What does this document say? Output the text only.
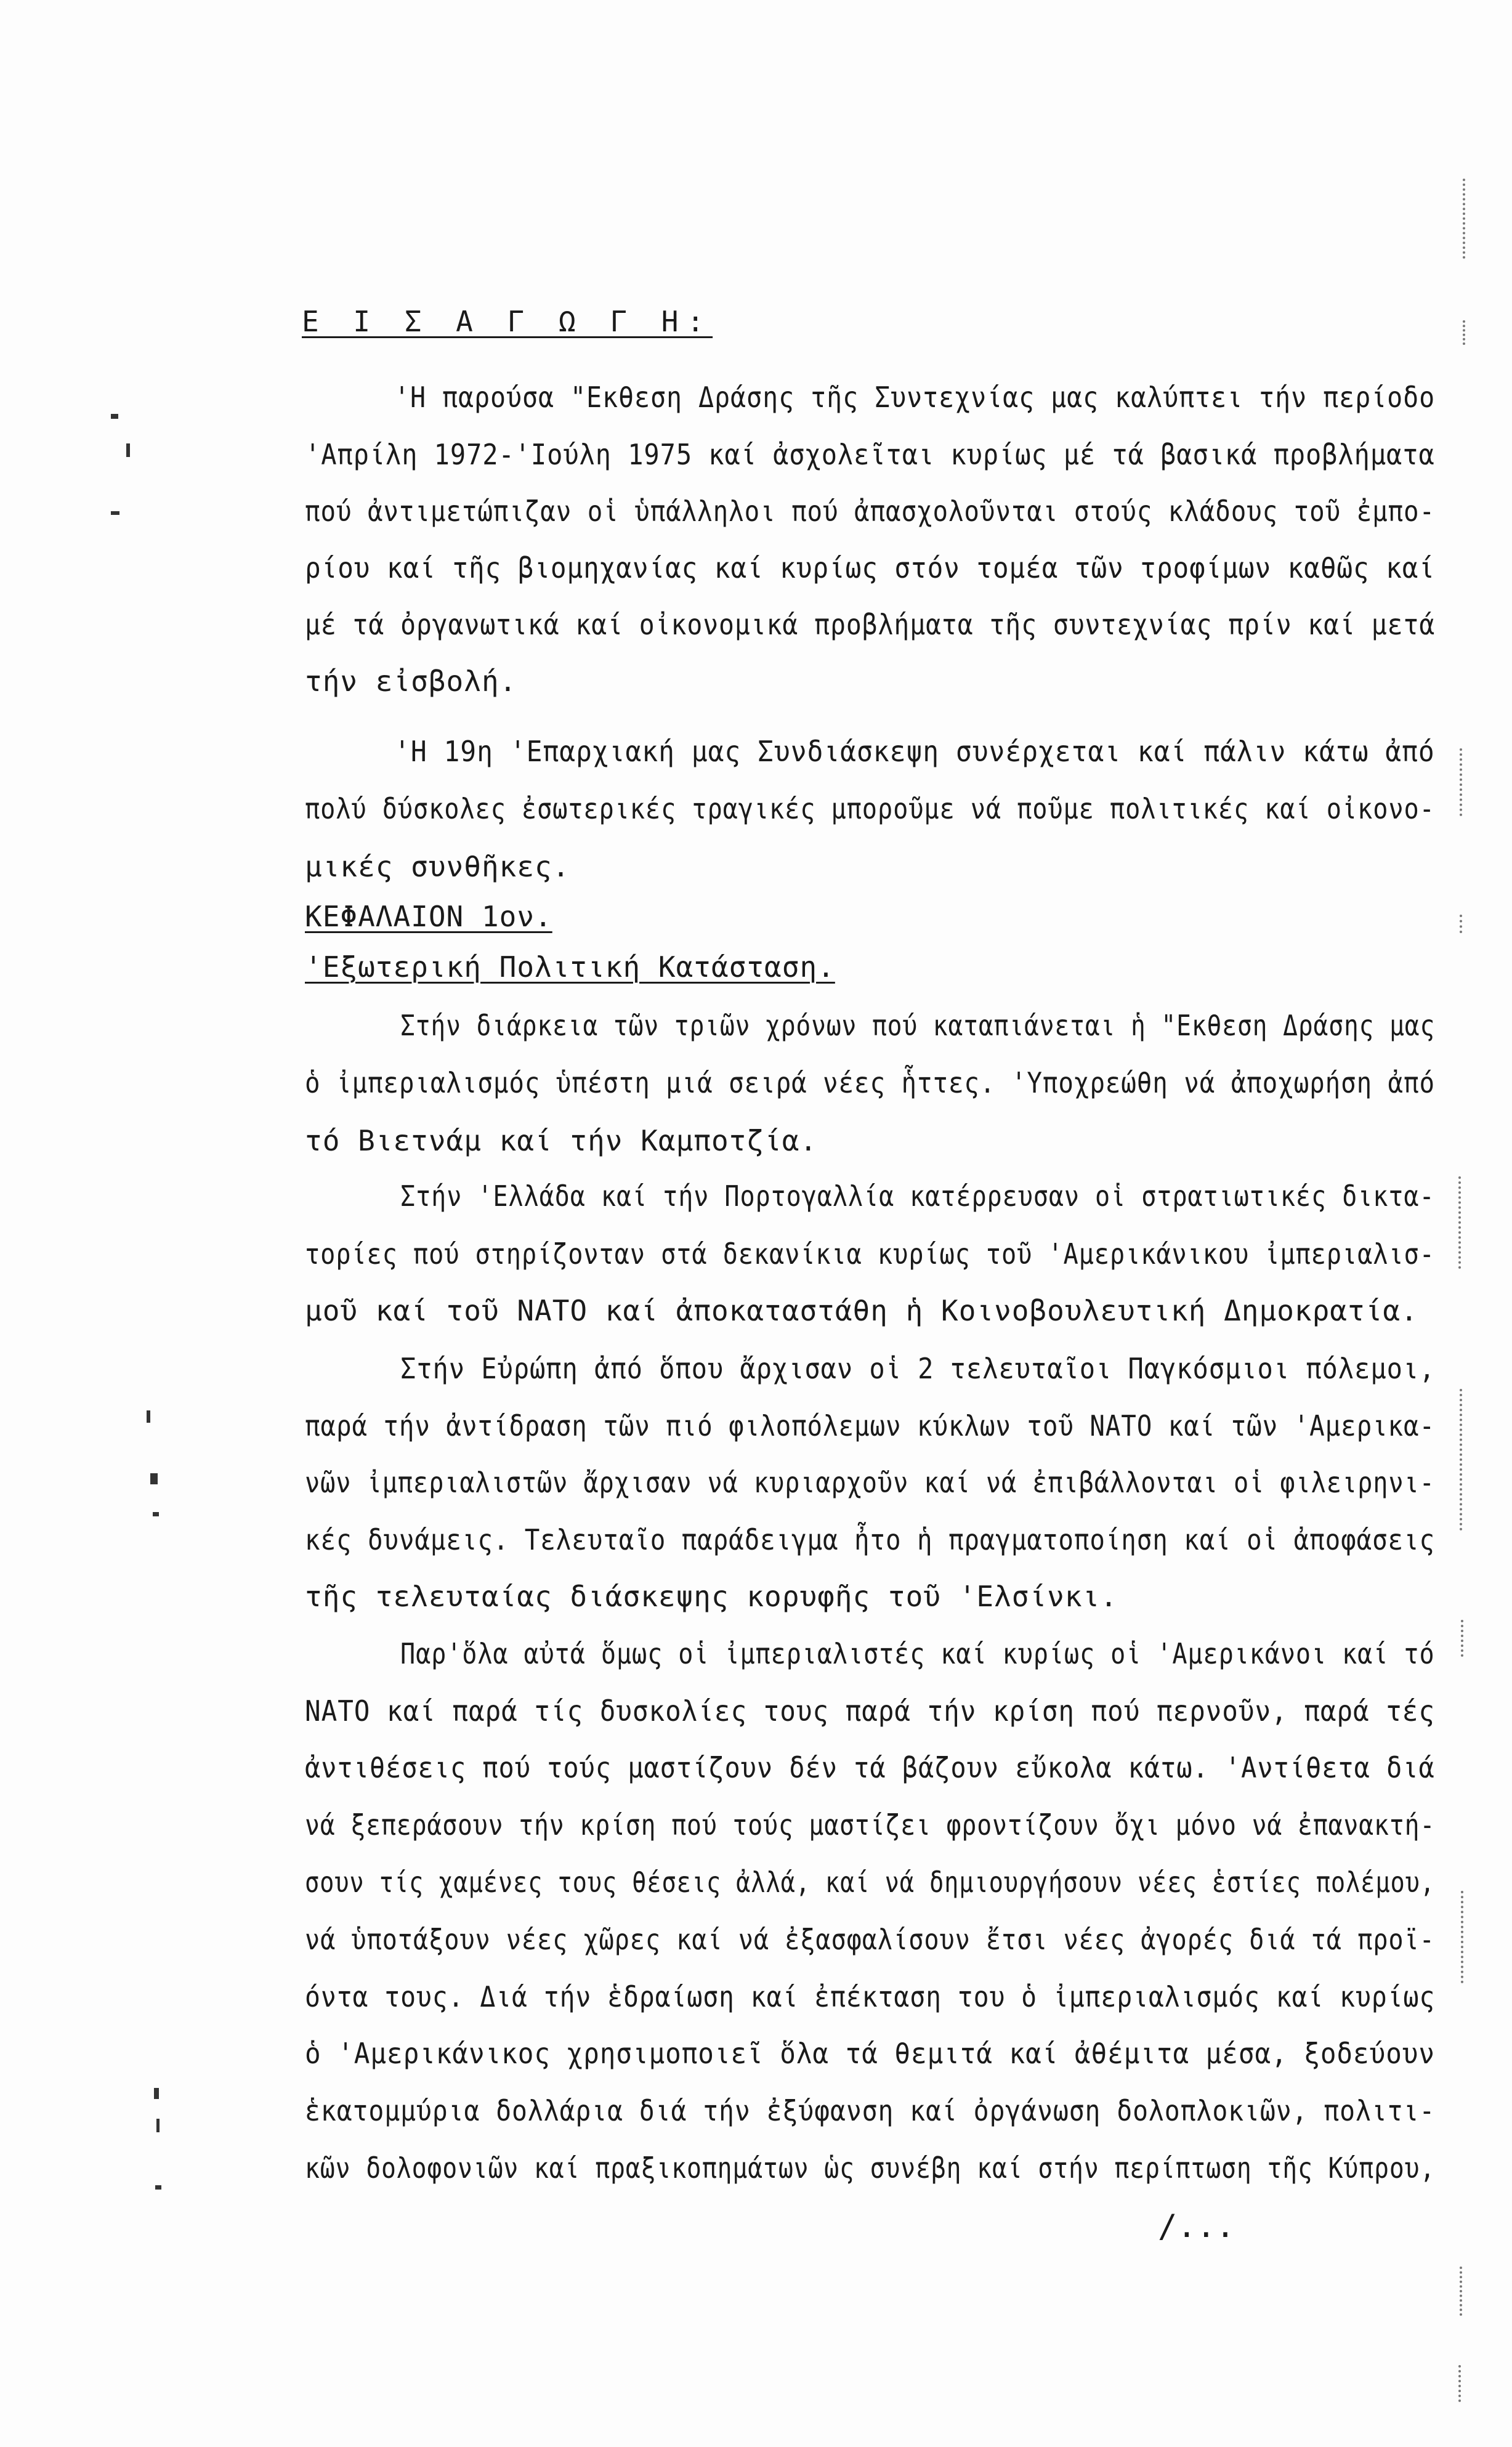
Ε Ι Σ Α Γ Ω Γ Η:
'Η παρούσα "Εκθεση Δράσης τῆς Συντεχνίας μας καλύπτει τήν περίοδο
'Απρίλη 1972-'Ιούλη 1975 καί ἀσχολεῖται κυρίως μέ τά βασικά προβλήματα
πού ἀντιμετώπιζαν οἱ ὑπάλληλοι πού ἀπασχολοῦνται στούς κλάδους τοῦ ἐμπο-
ρίου καί τῆς βιομηχανίας καί κυρίως στόν τομέα τῶν τροφίμων καθῶς καί
μέ τά ὀργανωτικά καί οἰκονομικά προβλήματα τῆς συντεχνίας πρίν καί μετά
τήν εἰσβολή.
'Η 19η 'Επαρχιακή μας Συνδιάσκεψη συνέρχεται καί πάλιν κάτω ἀπό
πολύ δύσκολες ἐσωτερικές τραγικές μποροῦμε νά ποῦμε πολιτικές καί οἰκονο-
μικές συνθῆκες.
ΚΕΦΑΛΑΙΟΝ 1ον.
'Εξωτερική Πολιτική Κατάσταση.
Στήν διάρκεια τῶν τριῶν χρόνων πού καταπιάνεται ἡ "Εκθεση Δράσης μας
ὁ ἰμπεριαλισμός ὑπέστη μιά σειρά νέες ἧττες. 'Υποχρεώθη νά ἀποχωρήση ἀπό
τό Βιετνάμ καί τήν Καμποτζία.
Στήν 'Ελλάδα καί τήν Πορτογαλλία κατέρρευσαν οἱ στρατιωτικές δικτα-
τορίες πού στηρίζονταν στά δεκανίκια κυρίως τοῦ 'Αμερικάνικου ἰμπεριαλισ-
μοῦ καί τοῦ ΝΑΤΟ καί ἀποκαταστάθη ἡ Κοινοβουλευτική Δημοκρατία.
Στήν Εὐρώπη ἀπό ὅπου ἄρχισαν οἱ 2 τελευταῖοι Παγκόσμιοι πόλεμοι,
παρά τήν ἀντίδραση τῶν πιό φιλοπόλεμων κύκλων τοῦ ΝΑΤΟ καί τῶν 'Αμερικα-
νῶν ἰμπεριαλιστῶν ἄρχισαν νά κυριαρχοῦν καί νά ἐπιβάλλονται οἱ φιλειρηνι-
κές δυνάμεις. Τελευταῖο παράδειγμα ἦτο ἡ πραγματοποίηση καί οἱ ἀποφάσεις
τῆς τελευταίας διάσκεψης κορυφῆς τοῦ 'Ελσίνκι.
Παρ'ὅλα αὐτά ὅμως οἱ ἰμπεριαλιστές καί κυρίως οἱ 'Αμερικάνοι καί τό
ΝΑΤΟ καί παρά τίς δυσκολίες τους παρά τήν κρίση πού περνοῦν, παρά τές
ἀντιθέσεις πού τούς μαστίζουν δέν τά βάζουν εὔκολα κάτω. 'Αντίθετα διά
νά ξεπεράσουν τήν κρίση πού τούς μαστίζει φροντίζουν ὄχι μόνο νά ἐπανακτή-
σουν τίς χαμένες τους θέσεις ἀλλά, καί νά δημιουργήσουν νέες ἑστίες πολέμου,
νά ὑποτάξουν νέες χῶρες καί νά ἐξασφαλίσουν ἔτσι νέες ἀγορές διά τά προϊ-
όντα τους. Διά τήν ἑδραίωση καί ἐπέκταση του ὁ ἰμπεριαλισμός καί κυρίως
ὁ 'Αμερικάνικος χρησιμοποιεῖ ὅλα τά θεμιτά καί ἀθέμιτα μέσα, ξοδεύουν
ἑκατομμύρια δολλάρια διά τήν ἐξύφανση καί ὀργάνωση δολοπλοκιῶν, πολιτι-
κῶν δολοφονιῶν καί πραξικοπημάτων ὡς συνέβη καί στήν περίπτωση τῆς Κύπρου,
/...
